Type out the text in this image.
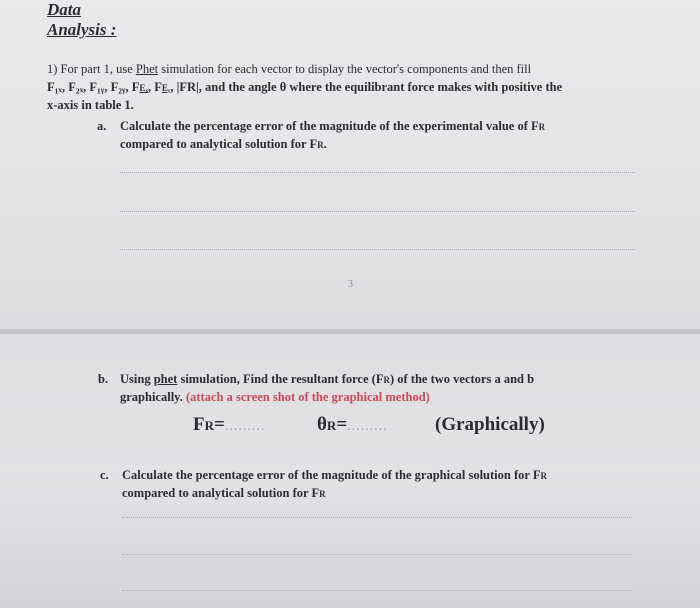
Data
Analysis :
1) For part 1, use Phet simulation for each vector to display the vector's components and then fill
F₁ₓ, F₂ₓ, F₁ᵧ, F₂ᵧ, FEₓ, FEᵧ, |FR|, and the angle θ where the equilibrant force makes with positive the
x-axis in table 1.
a. Calculate the percentage error of the magnitude of the experimental value of FR
compared to analytical solution for FR.
3
b. Using phet simulation, Find the resultant force (FR) of the two vectors a and b
graphically. (attach a screen shot of the graphical method)
FR=.........	θR=......... (Graphically)
c. Calculate the percentage error of the magnitude of the graphical solution for FR
compared to analytical solution for FR
